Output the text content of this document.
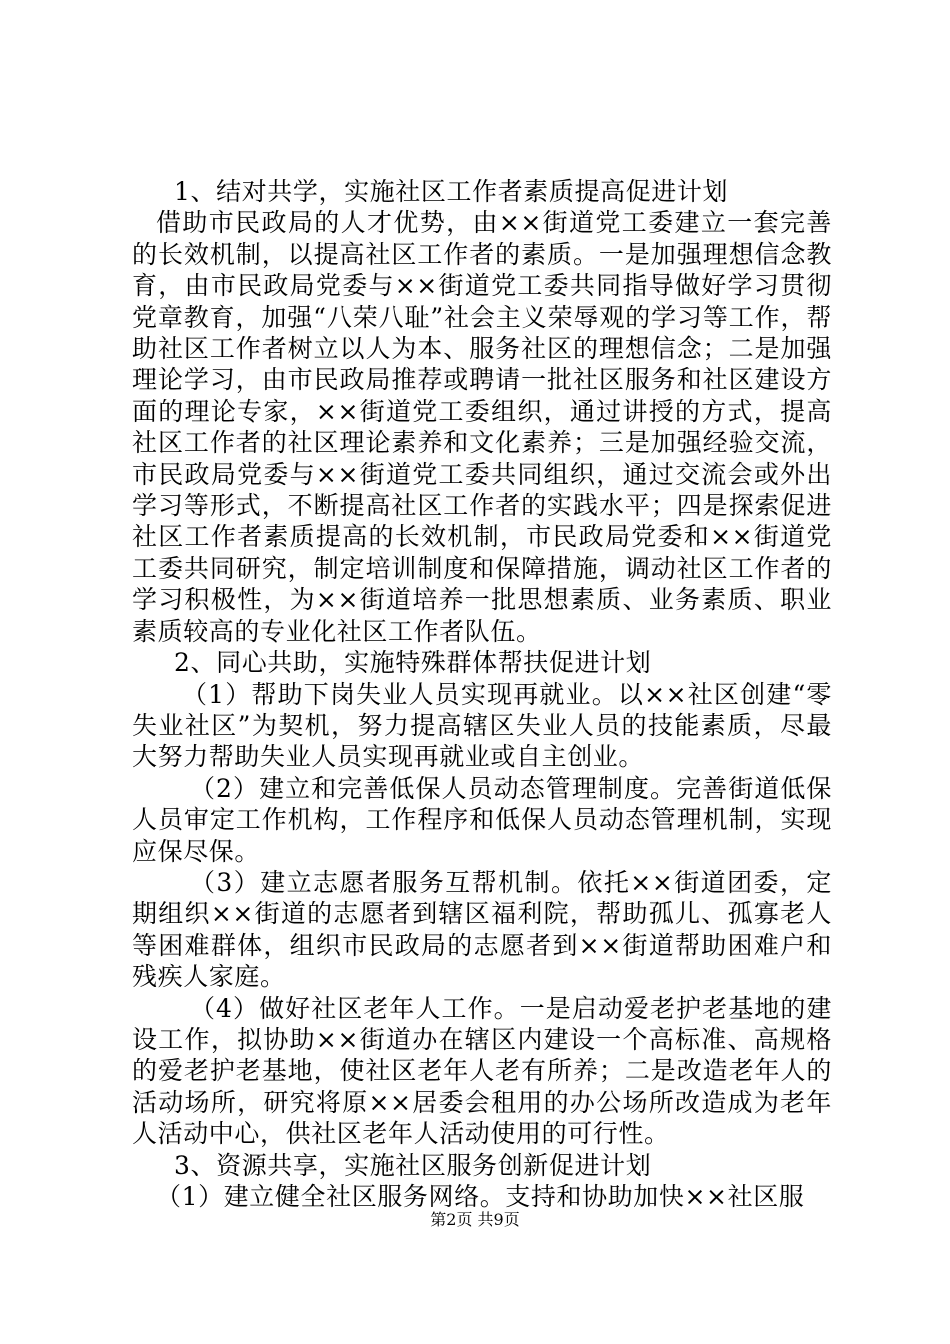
1、结对共学，实施社区工作者素质提高促进计划

借助市民政局的人才优势，由××街道党工委建立一套完善的长效机制，以提高社区工作者的素质。一是加强理想信念教育，由市民政局党委与××街道党工委共同指导做好学习贯彻党章教育，加强“八荣八耻”社会主义荣辱观的学习等工作，帮助社区工作者树立以人为本、服务社区的理想信念；二是加强理论学习，由市民政局推荐或聘请一批社区服务和社区建设方面的理论专家，××街道党工委组织，通过讲授的方式，提高社区工作者的社区理论素养和文化素养；三是加强经验交流，市民政局党委与××街道党工委共同组织，通过交流会或外出学习等形式，不断提高社区工作者的实践水平；四是探索促进社区工作者素质提高的长效机制，市民政局党委和××街道党工委共同研究，制定培训制度和保障措施，调动社区工作者的学习积极性，为××街道培养一批思想素质、业务素质、职业素质较高的专业化社区工作者队伍。

2、同心共助，实施特殊群体帮扶促进计划

（1）帮助下岗失业人员实现再就业。以××社区创建“零失业社区”为契机，努力提高辖区失业人员的技能素质，尽最大努力帮助失业人员实现再就业或自主创业。

（2）建立和完善低保人员动态管理制度。完善街道低保人员审定工作机构，工作程序和低保人员动态管理机制，实现应保尽保。

（3）建立志愿者服务互帮机制。依托××街道团委，定期组织××街道的志愿者到辖区福利院，帮助孤儿、孤寡老人等困难群体，组织市民政局的志愿者到××街道帮助困难户和残疾人家庭。

（4）做好社区老年人工作。一是启动爱老护老基地的建设工作，拟协助××街道办在辖区内建设一个高标准、高规格的爱老护老基地，使社区老年人老有所养；二是改造老年人的活动场所，研究将原××居委会租用的办公场所改造成为老年人活动中心，供社区老年人活动使用的可行性。

3、资源共享，实施社区服务创新促进计划

（1）建立健全社区服务网络。支持和协助加快××社区服

第2页 共9页
